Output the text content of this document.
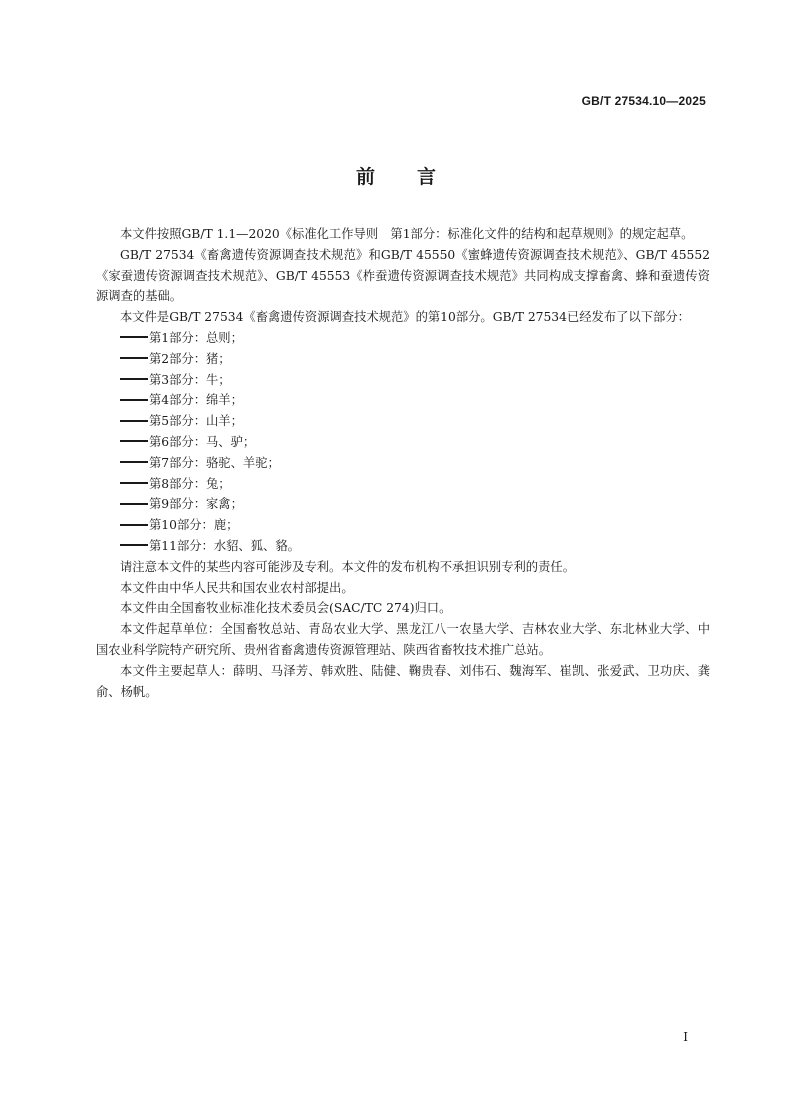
GB/T 27534.10—2025
前言

本文件按照GB/T 1.1—2020《标准化工作导则　第1部分：标准化文件的结构和起草规则》的规定起草。

GB/T 27534《畜禽遗传资源调查技术规范》和GB/T 45550《蜜蜂遗传资源调查技术规范》、GB/T 45552《家蚕遗传资源调查技术规范》、GB/T 45553《柞蚕遗传资源调查技术规范》共同构成支撑畜禽、蜂和蚕遗传资源调查的基础。

本文件是GB/T 27534《畜禽遗传资源调查技术规范》的第10部分。GB/T 27534已经发布了以下部分：

第1部分：总则；
第2部分：猪；
第3部分：牛；
第4部分：绵羊；
第5部分：山羊；
第6部分：马、驴；
第7部分：骆驼、羊驼；
第8部分：兔；
第9部分：家禽；
第10部分：鹿；
第11部分：水貂、狐、貉。

请注意本文件的某些内容可能涉及专利。本文件的发布机构不承担识别专利的责任。

本文件由中华人民共和国农业农村部提出。

本文件由全国畜牧业标准化技术委员会(SAC/TC 274)归口。

本文件起草单位：全国畜牧总站、青岛农业大学、黑龙江八一农垦大学、吉林农业大学、东北林业大学、中国农业科学院特产研究所、贵州省畜禽遗传资源管理站、陕西省畜牧技术推广总站。

本文件主要起草人：薛明、马泽芳、韩欢胜、陆健、鞠贵春、刘伟石、魏海军、崔凯、张爱武、卫功庆、龚俞、杨帆。

I
